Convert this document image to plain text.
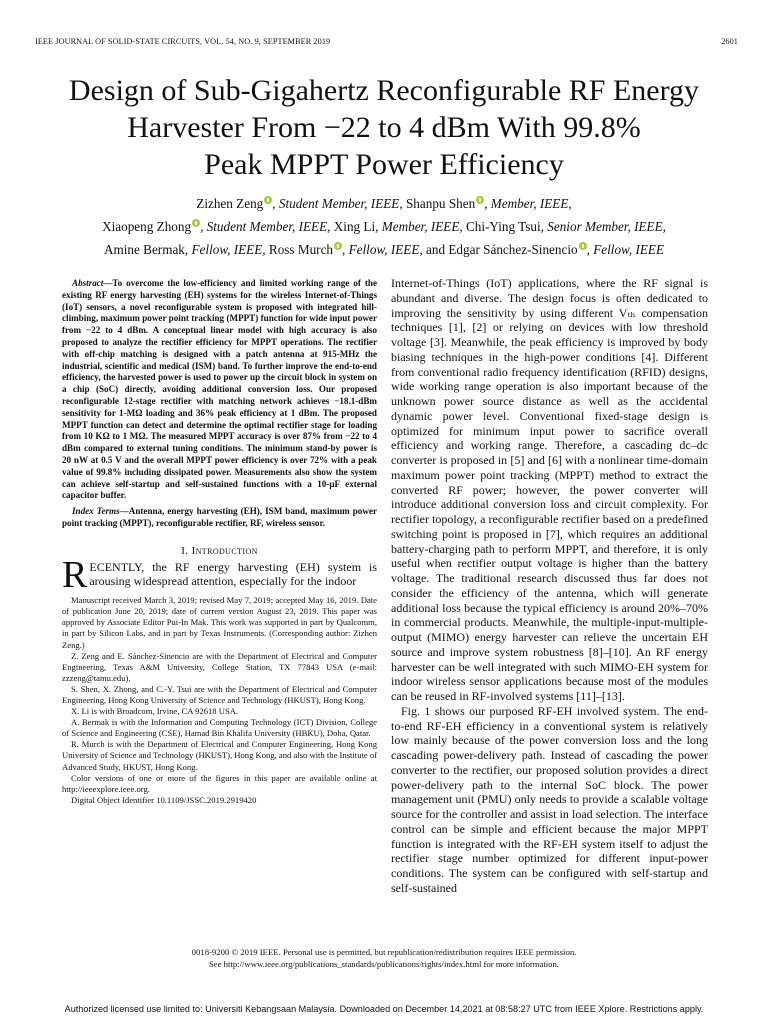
IEEE JOURNAL OF SOLID-STATE CIRCUITS, VOL. 54, NO. 9, SEPTEMBER 2019	2601
Design of Sub-Gigahertz Reconfigurable RF Energy
Harvester From −22 to 4 dBm With 99.8%
Peak MPPT Power Efficiency
Zizhen Zeng , Student Member, IEEE, Shanpu Shen , Member, IEEE,
Xiaopeng Zhong , Student Member, IEEE, Xing Li, Member, IEEE, Chi-Ying Tsui, Senior Member, IEEE,
Amine Bermak, Fellow, IEEE, Ross Murch , Fellow, IEEE, and Edgar Sánchez-Sinencio , Fellow, IEEE

Abstract—To overcome the low-efficiency and limited working range of the existing RF energy harvesting (EH) systems for the wireless Internet-of-Things (IoT) sensors, a novel reconfigurable system is proposed with integrated hill-climbing, maximum power point tracking (MPPT) function for wide input power from −22 to 4 dBm. A conceptual linear model with high accuracy is also proposed to analyze the rectifier efficiency for MPPT operations. The rectifier with off-chip matching is designed with a patch antenna at 915-MHz the industrial, scientific and medical (ISM) band. To further improve the end-to-end efficiency, the harvested power is used to power up the circuit block in system on a chip (SoC) directly, avoiding additional conversion loss. Our proposed reconfigurable 12-stage rectifier with matching network achieves −18.1-dBm sensitivity for 1-MΩ loading and 36% peak efficiency at 1 dBm. The proposed MPPT function can detect and determine the optimal rectifier stage for loading from 10 KΩ to 1 MΩ. The measured MPPT accuracy is over 87% from −22 to 4 dBm compared to external tuning conditions. The minimum stand-by power is 20 nW at 0.5 V and the overall MPPT power efficiency is over 72% with a peak value of 99.8% including dissipated power. Measurements also show the system can achieve self-startup and self-sustained functions with a 10-μF external capacitor buffer.

Index Terms—Antenna, energy harvesting (EH), ISM band, maximum power point tracking (MPPT), reconfigurable rectifier, RF, wireless sensor.

I. Introduction

RECENTLY, the RF energy harvesting (EH) system is arousing widespread attention, especially for the indoor

Manuscript received March 3, 2019; revised May 7, 2019; accepted May 16, 2019. Date of publication June 20, 2019; date of current version August 23, 2019. This paper was approved by Associate Editor Pui-In Mak. This work was supported in part by Qualcomm, in part by Silicon Labs, and in part by Texas Instruments. (Corresponding author: Zizhen Zeng.)

Z. Zeng and E. Sánchez-Sinencio are with the Department of Electrical and Computer Engineering, Texas A&M University, College Station, TX 77843 USA (e-mail: zzzeng@tamu.edu).

S. Shen, X. Zhong, and C.-Y. Tsui are with the Department of Electrical and Computer Engineering, Hong Kong University of Science and Technology (HKUST), Hong Kong.

X. Li is with Broadcom, Irvine, CA 92618 USA.

A. Bermak is with the Information and Computing Technology (ICT) Division, College of Science and Engineering (CSE), Hamad Bin Khalifa University (HBKU), Doha, Qatar.

R. Murch is with the Department of Electrical and Computer Engineering, Hong Kong University of Science and Technology (HKUST), Hong Kong, and also with the Institute of Advanced Study, HKUST, Hong Kong.

Color versions of one or more of the figures in this paper are available online at http://ieeexplore.ieee.org.

Digital Object Identifier 10.1109/JSSC.2019.2919420

Internet-of-Things (IoT) applications, where the RF signal is abundant and diverse. The design focus is often dedicated to improving the sensitivity by using different Vₜₕ compensation techniques [1], [2] or relying on devices with low threshold voltage [3]. Meanwhile, the peak efficiency is improved by body biasing techniques in the high-power conditions [4]. Different from conventional radio frequency identification (RFID) designs, wide working range operation is also important because of the unknown power source distance as well as the accidental dynamic power level. Conventional fixed-stage design is optimized for minimum input power to sacrifice overall efficiency and working range. Therefore, a cascading dc–dc converter is proposed in [5] and [6] with a nonlinear time-domain maximum power point tracking (MPPT) method to extract the converted RF power; however, the power converter will introduce additional conversion loss and circuit complexity. For rectifier topology, a reconfigurable rectifier based on a predefined switching point is proposed in [7], which requires an additional battery-charging path to perform MPPT, and therefore, it is only useful when rectifier output voltage is higher than the battery voltage. The traditional research discussed thus far does not consider the efficiency of the antenna, which will generate additional loss because the typical efficiency is around 20%–70% in commercial products. Meanwhile, the multiple-input-multiple-output (MIMO) energy harvester can relieve the uncertain EH source and improve system robustness [8]–[10]. An RF energy harvester can be well integrated with such MIMO-EH system for indoor wireless sensor applications because most of the modules can be reused in RF-involved systems [11]–[13].

Fig. 1 shows our purposed RF-EH involved system. The end-to-end RF-EH efficiency in a conventional system is relatively low mainly because of the power conversion loss and the long cascading power-delivery path. Instead of cascading the power converter to the rectifier, our proposed solution provides a direct power-delivery path to the internal SoC block. The power management unit (PMU) only needs to provide a scalable voltage source for the controller and assist in load selection. The interface control can be simple and efficient because the major MPPT function is integrated with the RF-EH system itself to adjust the rectifier stage number optimized for different input-power conditions. The system can be configured with self-startup and self-sustained

0018-9200 © 2019 IEEE. Personal use is permitted, but republication/redistribution requires IEEE permission.
See http://www.ieee.org/publications_standards/publications/rights/index.html for more information.
Authorized licensed use limited to: Universiti Kebangsaan Malaysia. Downloaded on December 14,2021 at 08:58:27 UTC from IEEE Xplore. Restrictions apply.
